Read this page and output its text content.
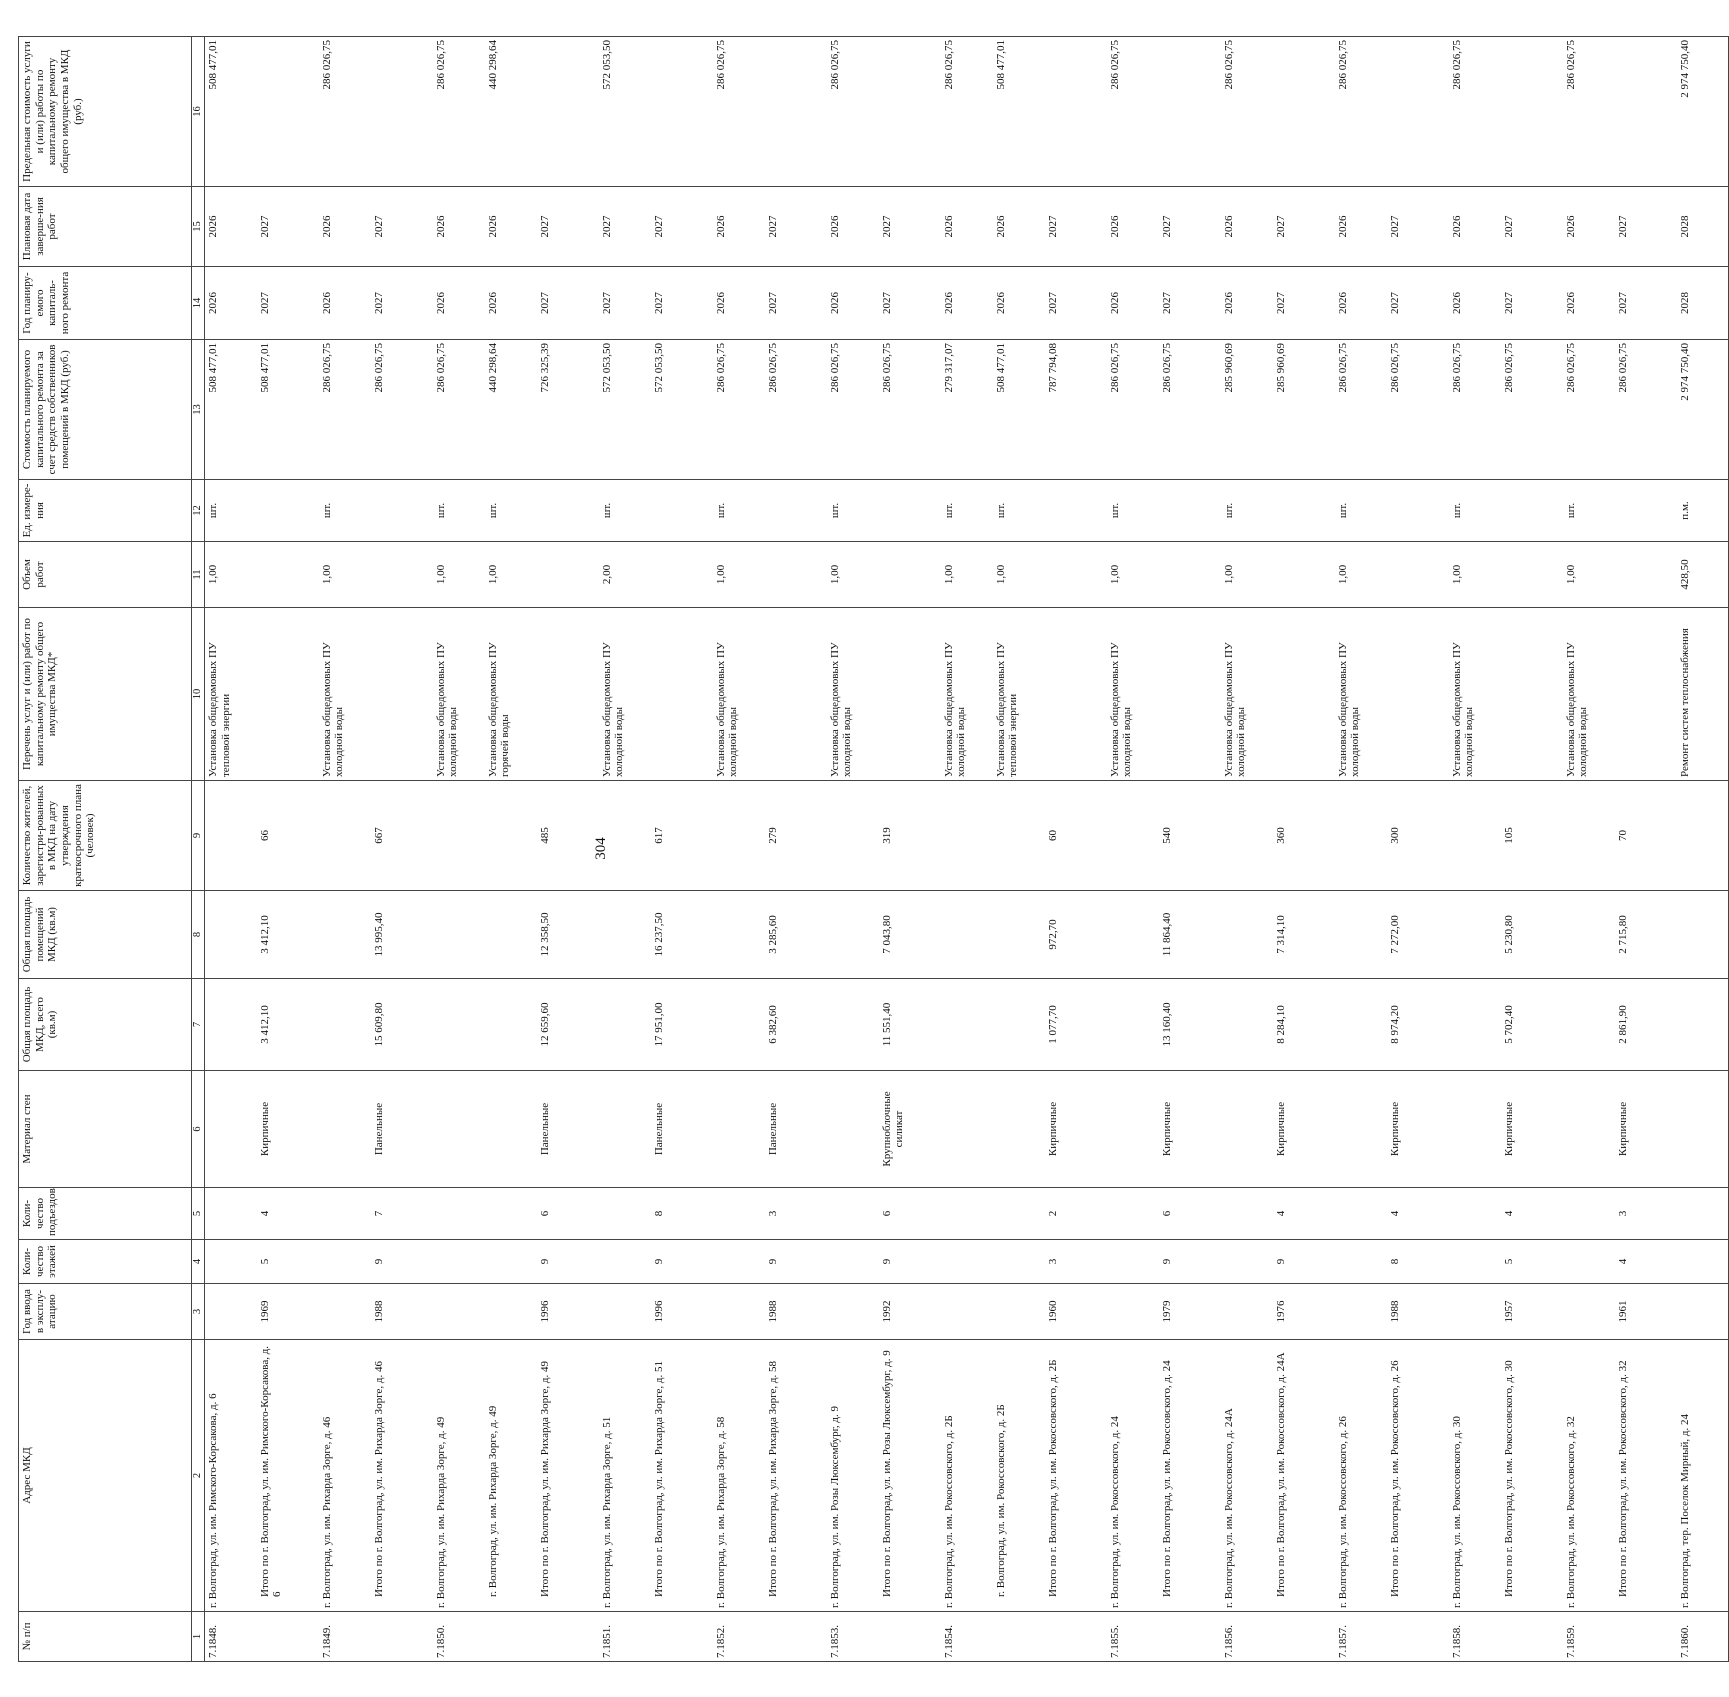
304
№ п/п	Адрес МКД	Год ввода в эксплу-атацию	Коли-чество этажей	Коли-чество подъездов	Материал стен	Общая площадь МКД, всего (кв.м)	Общая площадь помещений МКД (кв.м)	Количество жителей, зарегистри-рованных в МКД на дату утверждения краткосрочного плана (человек)	Перечень услуг и (или) работ по капитальному ремонту общего имущества МКД*	Объем работ	Ед. измере-ния	Стоимость планируемого капитального ремонта за счет средств собственников помещений в МКД (руб.)	Год планиру-емого капиталь-ного ремонта	Плановая дата заверше-ния работ	Предельная стоимость услуги и (или) работы по капитальному ремонту общего имущества в МКД (руб.)
1	2	3	4	5	6	7	8	9	10	11	12	13	14	15	16
7.1848.	г. Волгоград, ул. им. Римского-Корсакова, д. 6								Установка общедомовых ПУ тепловой энергии	1,00	шт.	508 477,01	2026	2026	508 477,01
	Итого по г. Волгоград, ул. им. Римского-Корсакова, д. 6	1969	5	4	Кирпичные	3 412,10	3 412,10	66				508 477,01	2027	2027	
7.1849.	г. Волгоград, ул. им. Рихарда Зорге, д. 46								Установка общедомовых ПУ холодной воды	1,00	шт.	286 026,75	2026	2026	286 026,75
	Итого по г. Волгоград, ул. им. Рихарда Зорге, д. 46	1988	9	7	Панельные	15 609,80	13 995,40	667				286 026,75	2027	2027	
7.1850.	г. Волгоград, ул. им. Рихарда Зорге, д. 49								Установка общедомовых ПУ холодной воды	1,00	шт.	286 026,75	2026	2026	286 026,75
	г. Волгоград, ул. им. Рихарда Зорге, д. 49								Установка общедомовых ПУ горячей воды	1,00	шт.	440 298,64	2026	2026	440 298,64
	Итого по г. Волгоград, ул. им. Рихарда Зорге, д. 49	1996	9	6	Панельные	12 659,60	12 358,50	485				726 325,39	2027	2027	
7.1851.	г. Волгоград, ул. им. Рихарда Зорге, д. 51								Установка общедомовых ПУ холодной воды	2,00	шт.	572 053,50	2027	2027	572 053,50
	Итого по г. Волгоград, ул. им. Рихарда Зорге, д. 51	1996	9	8	Панельные	17 951,00	16 237,50	617				572 053,50	2027	2027	
7.1852.	г. Волгоград, ул. им. Рихарда Зорге, д. 58								Установка общедомовых ПУ холодной воды	1,00	шт.	286 026,75	2026	2026	286 026,75
	Итого по г. Волгоград, ул. им. Рихарда Зорге, д. 58	1988	9	3	Панельные	6 382,60	3 285,60	279				286 026,75	2027	2027	
7.1853.	г. Волгоград, ул. им. Розы Люксембург, д. 9								Установка общедомовых ПУ холодной воды	1,00	шт.	286 026,75	2026	2026	286 026,75
	Итого по г. Волгоград, ул. им. Розы Люксембург, д. 9	1992	9	6	Крупноблочные силикат	11 551,40	7 043,80	319				286 026,75	2027	2027	
7.1854.	г. Волгоград, ул. им. Рокоссовского, д. 2Б								Установка общедомовых ПУ холодной воды	1,00	шт.	279 317,07	2026	2026	286 026,75
	г. Волгоград, ул. им. Рокоссовского, д. 2Б								Установка общедомовых ПУ тепловой энергии	1,00	шт.	508 477,01	2026	2026	508 477,01
	Итого по г. Волгоград, ул. им. Рокоссовского, д. 2Б	1960	3	2	Кирпичные	1 077,70	972,70	60				787 794,08	2027	2027	
7.1855.	г. Волгоград, ул. им. Рокоссовского, д. 24								Установка общедомовых ПУ холодной воды	1,00	шт.	286 026,75	2026	2026	286 026,75
	Итого по г. Волгоград, ул. им. Рокоссовского, д. 24	1979	9	6	Кирпичные	13 160,40	11 864,40	540				286 026,75	2027	2027	
7.1856.	г. Волгоград, ул. им. Рокоссовского, д. 24А								Установка общедомовых ПУ холодной воды	1,00	шт.	285 960,69	2026	2026	286 026,75
	Итого по г. Волгоград, ул. им. Рокоссовского, д. 24А	1976	9	4	Кирпичные	8 284,10	7 314,10	360				285 960,69	2027	2027	
7.1857.	г. Волгоград, ул. им. Рокоссовского, д. 26								Установка общедомовых ПУ холодной воды	1,00	шт.	286 026,75	2026	2026	286 026,75
	Итого по г. Волгоград, ул. им. Рокоссовского, д. 26	1988	8	4	Кирпичные	8 974,20	7 272,00	300				286 026,75	2027	2027	
7.1858.	г. Волгоград, ул. им. Рокоссовского, д. 30								Установка общедомовых ПУ холодной воды	1,00	шт.	286 026,75	2026	2026	286 026,75
	Итого по г. Волгоград, ул. им. Рокоссовского, д. 30	1957	5	4	Кирпичные	5 702,40	5 230,80	105				286 026,75	2027	2027	
7.1859.	г. Волгоград, ул. им. Рокоссовского, д. 32								Установка общедомовых ПУ холодной воды	1,00	шт.	286 026,75	2026	2026	286 026,75
	Итого по г. Волгоград, ул. им. Рокоссовского, д. 32	1961	4	3	Кирпичные	2 861,90	2 715,80	70				286 026,75	2027	2027	
7.1860.	г. Волгоград, тер. Поселок Мирный, д. 24								Ремонт систем теплоснабжения	428,50	п.м.	2 974 750,40	2028	2028	2 974 750,40
